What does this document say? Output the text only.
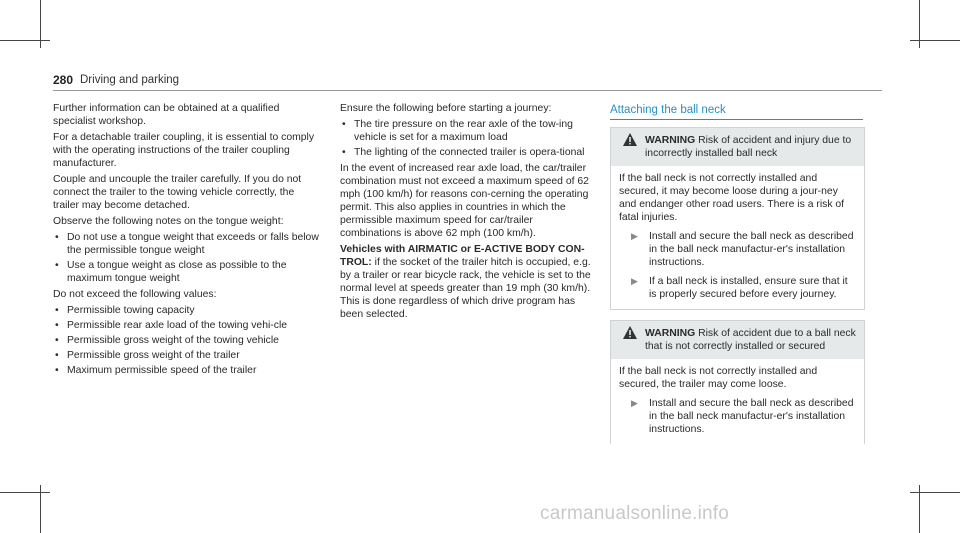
280 Driving and parking

Further information can be obtained at a qualified specialist workshop.

For a detachable trailer coupling, it is essential to comply with the operating instructions of the trailer coupling manufacturer.

Couple and uncouple the trailer carefully. If you do not connect the trailer to the towing vehicle correctly, the trailer may become detached.

Observe the following notes on the tongue weight:

• Do not use a tongue weight that exceeds or falls below the permissible tongue weight
• Use a tongue weight as close as possible to the maximum tongue weight

Do not exceed the following values:

• Permissible towing capacity
• Permissible rear axle load of the towing vehi-cle
• Permissible gross weight of the towing vehicle
• Permissible gross weight of the trailer
• Maximum permissible speed of the trailer

Ensure the following before starting a journey:

• The tire pressure on the rear axle of the tow-ing vehicle is set for a maximum load
• The lighting of the connected trailer is opera-tional

In the event of increased rear axle load, the car/trailer combination must not exceed a maximum speed of 62 mph (100 km/h) for reasons con-cerning the operating permit. This also applies in countries in which the permissible maximum speed for car/trailer combinations is above 62 mph (100 km/h).

Vehicles with AIRMATIC or E-ACTIVE BODY CON-TROL: if the socket of the trailer hitch is occupied, e.g. by a trailer or rear bicycle rack, the vehicle is set to the normal level at speeds greater than 19 mph (30 km/h). This is done regardless of which drive program has been selected.

Attaching the ball neck
WARNING Risk of accident and injury due to incorrectly installed ball neck

If the ball neck is not correctly installed and secured, it may become loose during a jour-ney and endanger other road users. There is a risk of fatal injuries.

▶ Install and secure the ball neck as described in the ball neck manufactur-er's installation instructions.
▶ If a ball neck is installed, ensure sure that it is properly secured before every journey.
WARNING Risk of accident due to a ball neck that is not correctly installed or secured

If the ball neck is not correctly installed and secured, the trailer may come loose.

▶ Install and secure the ball neck as described in the ball neck manufactur-er's installation instructions.
carmanualsonline.info
